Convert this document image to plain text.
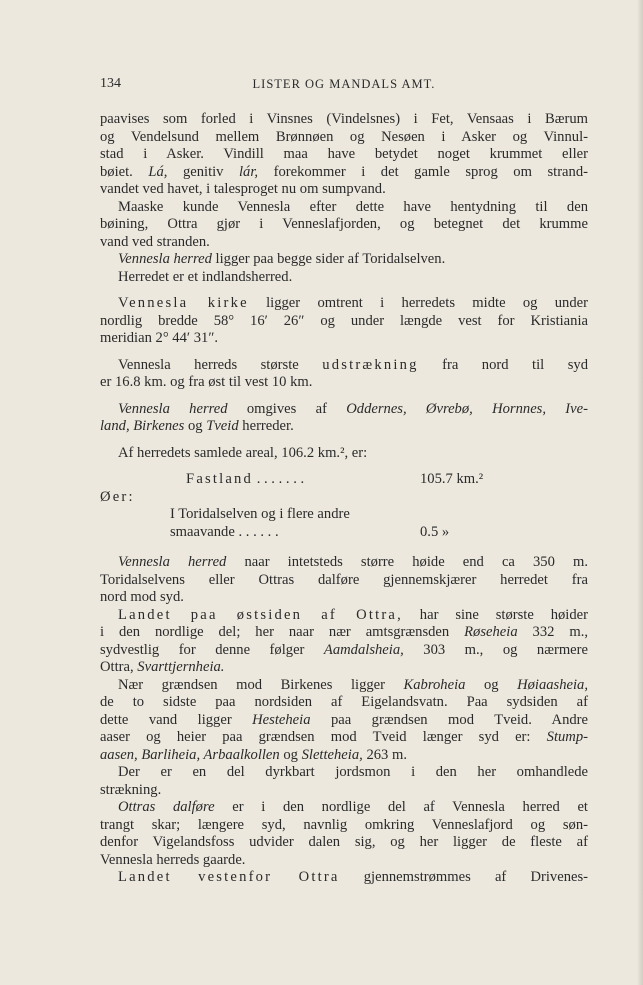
134	LISTER OG MANDALS AMT.
paavises som forled i Vinsnes (Vindelsnes) i Fet, Vensaas i Bærum
og Vendelsund mellem Brønnøen og Nesøen i Asker og Vinnul-
stad i Asker. Vindill maa have betydet noget krummet eller
bøiet. Lá, genitiv lár, forekommer i det gamle sprog om strand-
vandet ved havet, i talesproget nu om sumpvand.
Maaske kunde Vennesla efter dette have hentydning til den
bøining, Ottra gjør i Venneslafjorden, og betegnet det krumme
vand ved stranden.
Vennesla herred ligger paa begge sider af Toridalselven.
Herredet er et indlandsherred.
Vennesla kirke ligger omtrent i herredets midte og under
nordlig bredde 58° 16′ 26″ og under længde vest for Kristiania
meridian 2° 44′ 31″.
Vennesla herreds største udstrækning fra nord til syd
er 16.8 km. og fra øst til vest 10 km.
Vennesla herred omgives af Oddernes, Øvrebø, Hornnes, Ive-
land, Birkenes og Tveid herreder.
Af herredets samlede areal, 106.2 km.², er:
Fastland . . . . . . .	105.7 km.²
Øer:
I Toridalselven og i flere andre
smaavande . . . . . .	0.5 »
Vennesla herred naar intetsteds større høide end ca 350 m.
Toridalselvens eller Ottras dalføre gjennemskjærer herredet fra
nord mod syd.
Landet paa østsiden af Ottra, har sine største høider
i den nordlige del; her naar nær amtsgrænsden Røseheia 332 m.,
sydvestlig for denne følger Aamdalsheia, 303 m., og nærmere
Ottra, Svarttjernheia.
Nær grændsen mod Birkenes ligger Kabroheia og Høiaasheia,
de to sidste paa nordsiden af Eigelandsvatn. Paa sydsiden af
dette vand ligger Hesteheia paa grændsen mod Tveid. Andre
aaser og heier paa grændsen mod Tveid længer syd er: Stump-
aasen, Barliheia, Arbaalkollen og Sletteheia, 263 m.
Der er en del dyrkbart jordsmon i den her omhandlede
strækning.
Ottras dalføre er i den nordlige del af Vennesla herred et
trangt skar; længere syd, navnlig omkring Venneslafjord og søn-
denfor Vigelandsfoss udvider dalen sig, og her ligger de fleste af
Vennesla herreds gaarde.
Landet vestenfor Ottra gjennemstrømmes af Drivenes-
